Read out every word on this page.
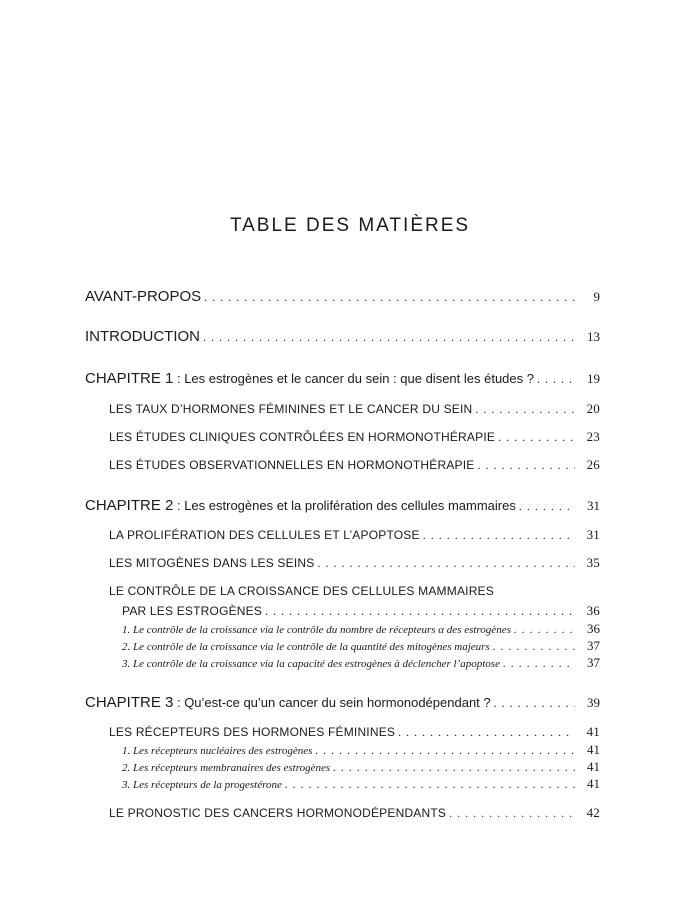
TABLE DES MATIÈRES
AVANT-PROPOS . . .	9
INTRODUCTION . . .	13
CHAPITRE 1 : Les estrogènes et le cancer du sein : que disent les études ? . . .	19
LES TAUX D’HORMONES FÉMININES ET LE CANCER DU SEIN . . .	20
LES ÉTUDES CLINIQUES CONTRÔLÉES EN HORMONOTHÉRAPIE . . .	23
LES ÉTUDES OBSERVATIONNELLES EN HORMONOTHÉRAPIE . . .	26
CHAPITRE 2 : Les estrogènes et la prolifération des cellules mammaires . . .	31
LA PROLIFÉRATION DES CELLULES ET L’APOPTOSE . . .	31
LES MITOGÈNES DANS LES SEINS . . .	35
LE CONTRÔLE DE LA CROISSANCE DES CELLULES MAMMAIRES
PAR LES ESTROGÈNES . . .	36
1. Le contrôle de la croissance via le contrôle du nombre de récepteurs α des estrogènes . . .	36
2. Le contrôle de la croissance via le contrôle de la quantité des mitogènes majeurs . . .	37
3. Le contrôle de la croissance via la capacité des estrogènes à déclencher l’apoptose . . .	37
CHAPITRE 3 : Qu’est-ce qu’un cancer du sein hormonodépendant ? . . .	39
LES RÉCEPTEURS DES HORMONES FÉMININES . . .	41
1. Les récepteurs nucléaires des estrogènes . . .	41
2. Les récepteurs membranaires des estrogènes . . .	41
3. Les récepteurs de la progestérone . . .	41
LE PRONOSTIC DES CANCERS HORMONODÉPENDANTS . . .	42
